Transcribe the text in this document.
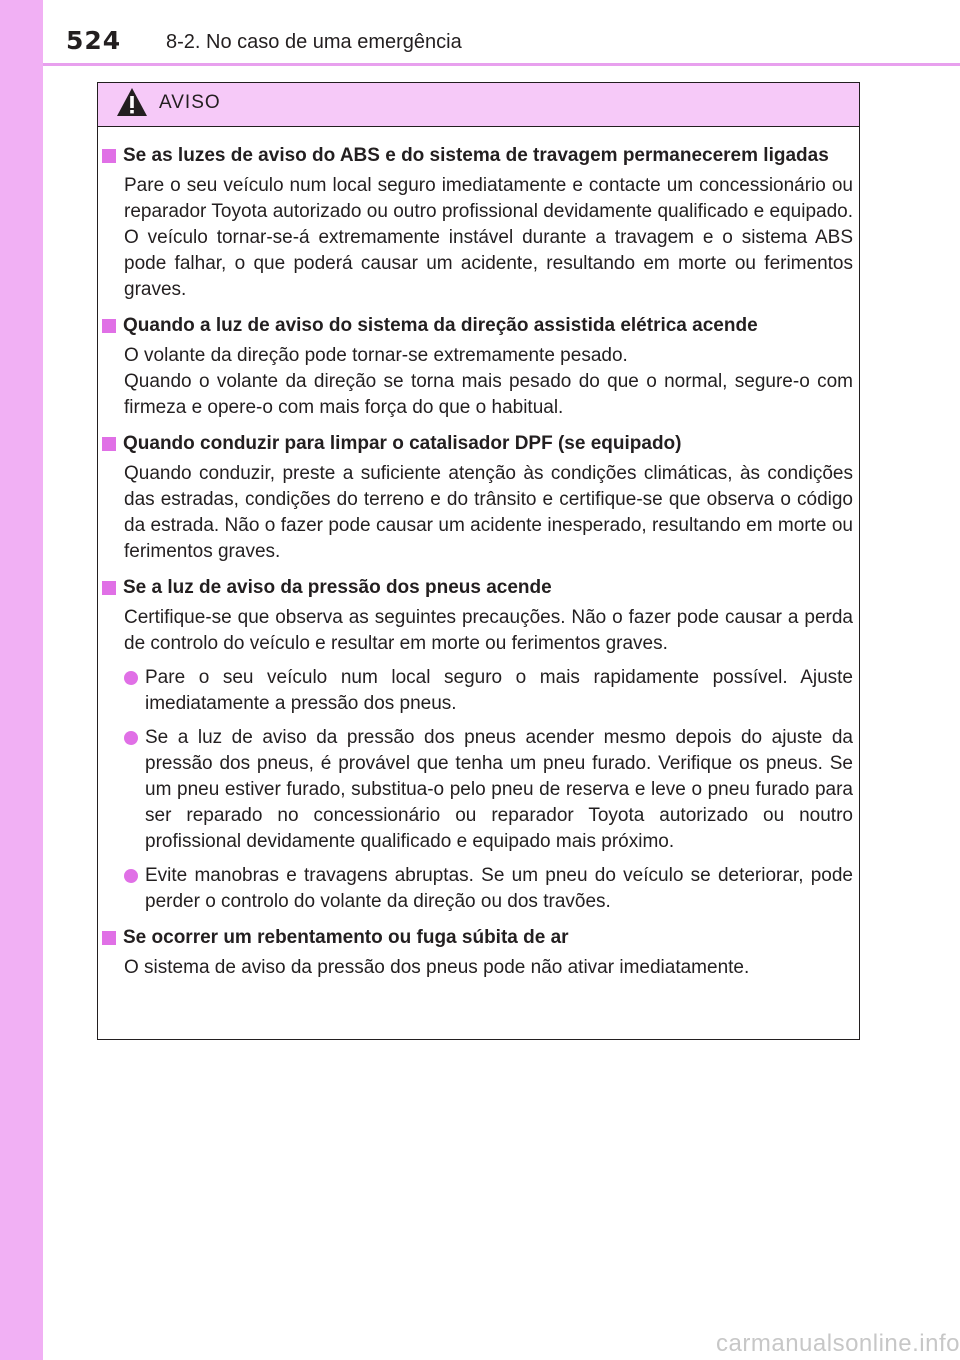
524 8-2. No caso de uma emergência
AVISO
Se as luzes de aviso do ABS e do sistema de travagem permanecerem ligadas
Pare o seu veículo num local seguro imediatamente e contacte um concessionário ou reparador Toyota autorizado ou outro profissional devidamente qualificado e equipado. O veículo tornar-se-á extremamente instável durante a travagem e o sistema ABS pode falhar, o que poderá causar um acidente, resultando em morte ou ferimentos graves.
Quando a luz de aviso do sistema da direção assistida elétrica acende
O volante da direção pode tornar-se extremamente pesado.
Quando o volante da direção se torna mais pesado do que o normal, segure-o com firmeza e opere-o com mais força do que o habitual.
Quando conduzir para limpar o catalisador DPF (se equipado)
Quando conduzir, preste a suficiente atenção às condições climáticas, às condições das estradas, condições do terreno e do trânsito e certifique-se que observa o código da estrada. Não o fazer pode causar um acidente inesperado, resultando em morte ou ferimentos graves.
Se a luz de aviso da pressão dos pneus acende
Certifique-se que observa as seguintes precauções. Não o fazer pode causar a perda de controlo do veículo e resultar em morte ou ferimentos graves.
Pare o seu veículo num local seguro o mais rapidamente possível. Ajuste imediatamente a pressão dos pneus.
Se a luz de aviso da pressão dos pneus acender mesmo depois do ajuste da pressão dos pneus, é provável que tenha um pneu furado. Verifique os pneus. Se um pneu estiver furado, substitua-o pelo pneu de reserva e leve o pneu furado para ser reparado no concessionário ou reparador Toyota autorizado ou noutro profissional devidamente qualificado e equipado mais próximo.
Evite manobras e travagens abruptas. Se um pneu do veículo se deteriorar, pode perder o controlo do volante da direção ou dos travões.
Se ocorrer um rebentamento ou fuga súbita de ar
O sistema de aviso da pressão dos pneus pode não ativar imediatamente.
carmanualsonline.info
